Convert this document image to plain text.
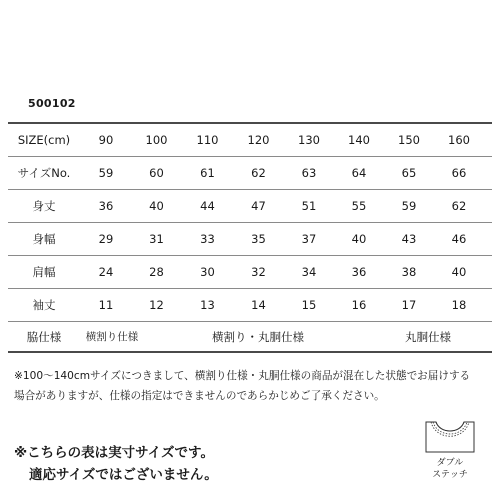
500102
SIZE(cm)	90	100	110	120	130	140	150	160
サイズNo.	59	60	61	62	63	64	65	66
身丈	36	40	44	47	51	55	59	62
身幅	29	31	33	35	37	40	43	46
肩幅	24	28	30	32	34	36	38	40
袖丈	11	12	13	14	15	16	17	18
脇仕様	横割り仕様	横割り・丸胴仕様	丸胴仕様
※100～140cmサイズにつきまして、横割り仕様・丸胴仕様の商品が混在した状態でお届けする
場合がありますが、仕様の指定はできませんのであらかじめご了承ください。
※こちらの表は実寸サイズです。
適応サイズではございません。
ダブル
ステッチ
